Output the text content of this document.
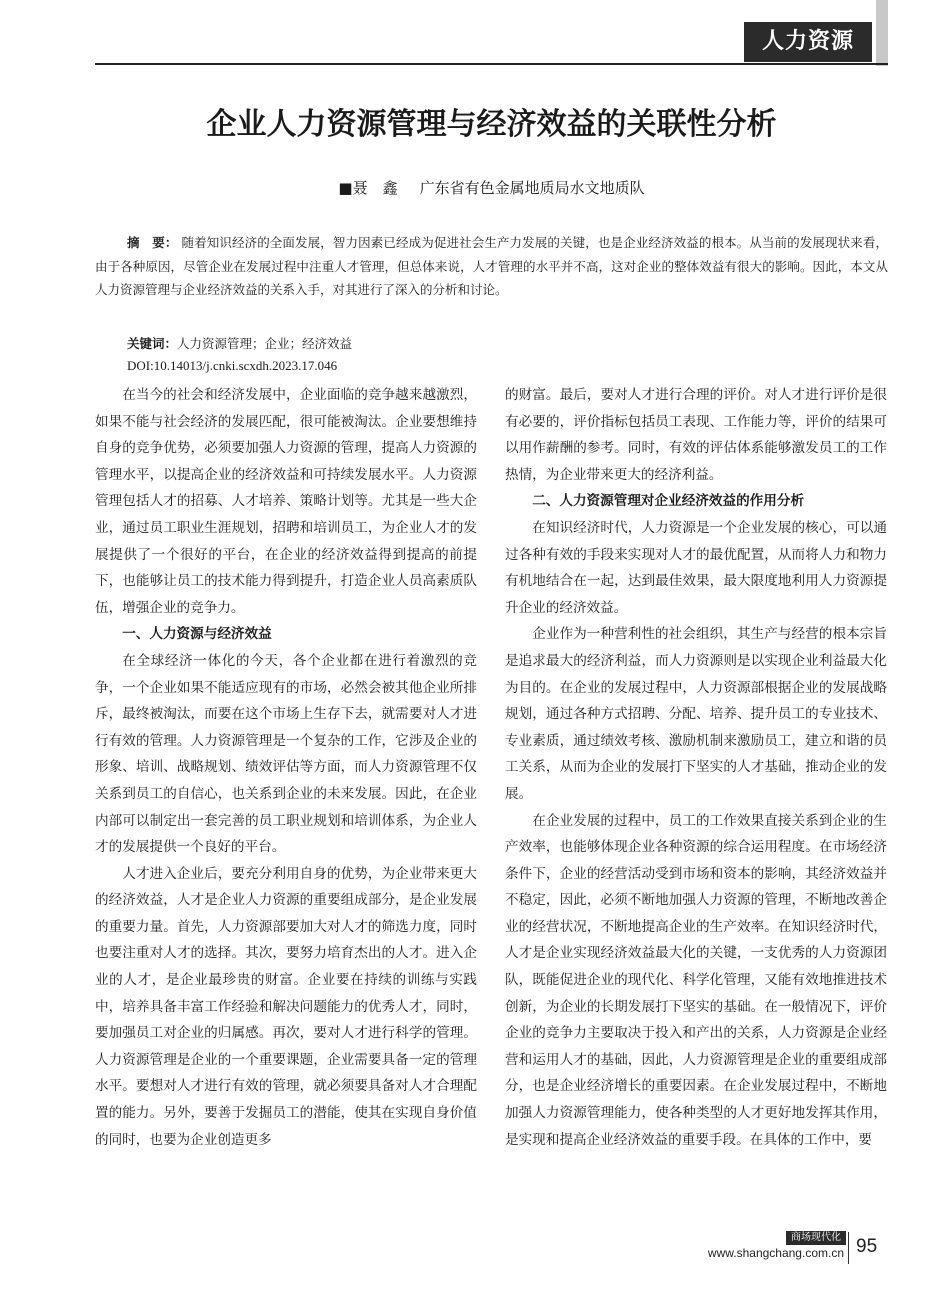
人力资源
企业人力资源管理与经济效益的关联性分析
■聂　鑫 广东省有色金属地质局水文地质队

摘　要： 随着知识经济的全面发展，智力因素已经成为促进社会生产力发展的关键，也是企业经济效益的根本。从当前的发展现状来看，由于各种原因，尽管企业在发展过程中注重人才管理，但总体来说，人才管理的水平并不高，这对企业的整体效益有很大的影响。因此，本文从人力资源管理与企业经济效益的关系入手，对其进行了深入的分析和讨论。

关键词：人力资源管理；企业；经济效益
DOI:10.14013/j.cnki.scxdh.2023.17.046

在当今的社会和经济发展中，企业面临的竞争越来越激烈，如果不能与社会经济的发展匹配，很可能被淘汰。企业要想维持自身的竞争优势，必须要加强人力资源的管理，提高人力资源的管理水平，以提高企业的经济效益和可持续发展水平。人力资源管理包括人才的招募、人才培养、策略计划等。尤其是一些大企业，通过员工职业生涯规划，招聘和培训员工，为企业人才的发展提供了一个很好的平台，在企业的经济效益得到提高的前提下，也能够让员工的技术能力得到提升，打造企业人员高素质队伍，增强企业的竞争力。

一、人力资源与经济效益

在全球经济一体化的今天，各个企业都在进行着激烈的竞争，一个企业如果不能适应现有的市场，必然会被其他企业所排斥，最终被淘汰，而要在这个市场上生存下去，就需要对人才进行有效的管理。人力资源管理是一个复杂的工作，它涉及企业的形象、培训、战略规划、绩效评估等方面，而人力资源管理不仅关系到员工的自信心，也关系到企业的未来发展。因此，在企业内部可以制定出一套完善的员工职业规划和培训体系，为企业人才的发展提供一个良好的平台。

人才进入企业后，要充分利用自身的优势，为企业带来更大的经济效益，人才是企业人力资源的重要组成部分，是企业发展的重要力量。首先，人力资源部要加大对人才的筛选力度，同时也要注重对人才的选择。其次，要努力培育杰出的人才。进入企业的人才，是企业最珍贵的财富。企业要在持续的训练与实践中，培养具备丰富工作经验和解决问题能力的优秀人才，同时，要加强员工对企业的归属感。再次，要对人才进行科学的管理。人力资源管理是企业的一个重要课题，企业需要具备一定的管理水平。要想对人才进行有效的管理，就必须要具备对人才合理配置的能力。另外，要善于发掘员工的潜能，使其在实现自身价值的同时，也要为企业创造更多

的财富。最后，要对人才进行合理的评价。对人才进行评价是很有必要的，评价指标包括员工表现、工作能力等，评价的结果可以用作薪酬的参考。同时，有效的评估体系能够激发员工的工作热情，为企业带来更大的经济利益。

二、人力资源管理对企业经济效益的作用分析

在知识经济时代，人力资源是一个企业发展的核心，可以通过各种有效的手段来实现对人才的最优配置，从而将人力和物力有机地结合在一起，达到最佳效果，最大限度地利用人力资源提升企业的经济效益。

企业作为一种营利性的社会组织，其生产与经营的根本宗旨是追求最大的经济利益，而人力资源则是以实现企业利益最大化为目的。在企业的发展过程中，人力资源部根据企业的发展战略规划，通过各种方式招聘、分配、培养、提升员工的专业技术、专业素质，通过绩效考核、激励机制来激励员工，建立和谐的员工关系，从而为企业的发展打下坚实的人才基础，推动企业的发展。

在企业发展的过程中，员工的工作效果直接关系到企业的生产效率，也能够体现企业各种资源的综合运用程度。在市场经济条件下，企业的经营活动受到市场和资本的影响，其经济效益并不稳定，因此，必须不断地加强人力资源的管理，不断地改善企业的经营状况，不断地提高企业的生产效率。在知识经济时代，人才是企业实现经济效益最大化的关键，一支优秀的人力资源团队，既能促进企业的现代化、科学化管理，又能有效地推进技术创新，为企业的长期发展打下坚实的基础。在一般情况下，评价企业的竞争力主要取决于投入和产出的关系，人力资源是企业经营和运用人才的基础，因此，人力资源管理是企业的重要组成部分，也是企业经济增长的重要因素。在企业发展过程中，不断地加强人力资源管理能力，使各种类型的人才更好地发挥其作用，是实现和提高企业经济效益的重要手段。在具体的工作中，要

商场现代化
www.shangchang.com.cn 95
